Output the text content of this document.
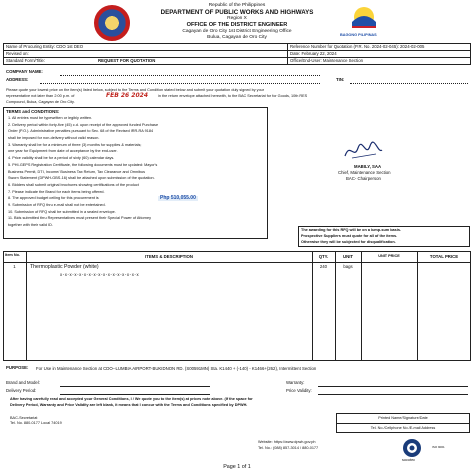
Republic of the Philippines
DEPARTMENT OF PUBLIC WORKS AND HIGHWAYS
Region X
OFFICE OF THE DISTRICT ENGINEER
Cagayan de Oro City 1st District Engineering Office
Bulua, Cagayan de Oro City	BAGONG PILIPINAS
Name of Procuring Entity: CDO 1st DEO	Reference Number for Quotation (P.R. No. 2024-02-045): 2024-02-005
Revised on:	Date: February 22, 2024
Standard Form/Title:	REQUEST FOR QUOTATION	Office/End-User: Maintenance Section
COMPANY NAME:
ADDRESS:	TIN:
Please quote your lowest price on the item(s) listed below, subject to the Terms and Condition stated below and submit your quotation duly signed by your
representative not later than 2:00 p.m. of	FEB 26 2024	in the return envelope attached herewith, to the BAC Secretariat for for Goods, 10th RES
Compound, Bulua, Cagayan de Oro City.
TERMS and CONDITIONS:
1. All entries must be typewritten or legibly written.
2. Delivery period within forty-five (45) c.d. upon receipt of the approved funded Purchase
Order (P.O.). Administrative penalties pursuant to Sec. 68 of the Revised IRR-RA 9184
shall be imposed for non-delivery without valid reason.
3. Warranty shall be for a minimum of three (3) months for supplies & materials;
one year for Equipment from date of acceptance by the end-user.
4. Price validity shall be for a period of sixty (60) calendar days.
5. PHI-GEPS Registration Certificate, the following documents must be updated: Mayor's
Business Permit, DTI, Income/ Business Tax Return, Tax Clearance and Omnibus
Sworn Statement (DPWH-GBS-16) shall be attached upon submission of the quotation.
6. Bidders shall submit original brochures showing certifications of the product
7. Please indicate the Brand for each items being offered.
8. The approved budget ceiling for this procurement is	Php 510,055.00
9. Submission of RFQ thru e-mail shall not be entertained.
10. Submission of RFQ shall be submitted in a sealed envelope.
11. Bids submitted thru Representatives must present their Special Power of Attorney
together with their valid ID.
MABILY, SAA
Chief, Maintenance Section
BAC- Chairperson
The awarding for this RFQ will be on a lump-sum basis.
Prospective Suppliers must quote for all of the items.
Otherwise they will be subjected for disqualification.
Item No.	ITEMS & DESCRIPTION	QTY.	UNIT	UNIT PRICE	TOTAL PRICE
1	Thermoplastic Powder (white)	240	bags
x-x-x-x-x-x-x-x-x-x-x-x-x-x-x-x-x
PURPOSE: For Use in Maintenance Section at CDO--LUMBIA AIRPORT-BUKIDNON RD. (S00591MN) Sta. K1440 + (-140) - K1466+(262), Intermittent Section
Brand and Model:
Delivery Period:
Warranty:
Price Validity:
After having carefully read and accepted your General Conditions, I / We quote you to the item(s) at prices note above. (If the space for
Delivery Period, Warranty and Price Validity are left blank, it means that I concur with the Terms and Conditions specified by DPWH.
BAC-Secretariat
Tel. No. 880-0177 Local 74019
Printed Name/Signature/Date
Tel. No./Cellphone No./E-mail Address
Website: https://www.dpwh.gov.ph
Tel. No.: (088) 857-3014 / 880-0177
socotec
ISO 9001
Page 1 of 1
